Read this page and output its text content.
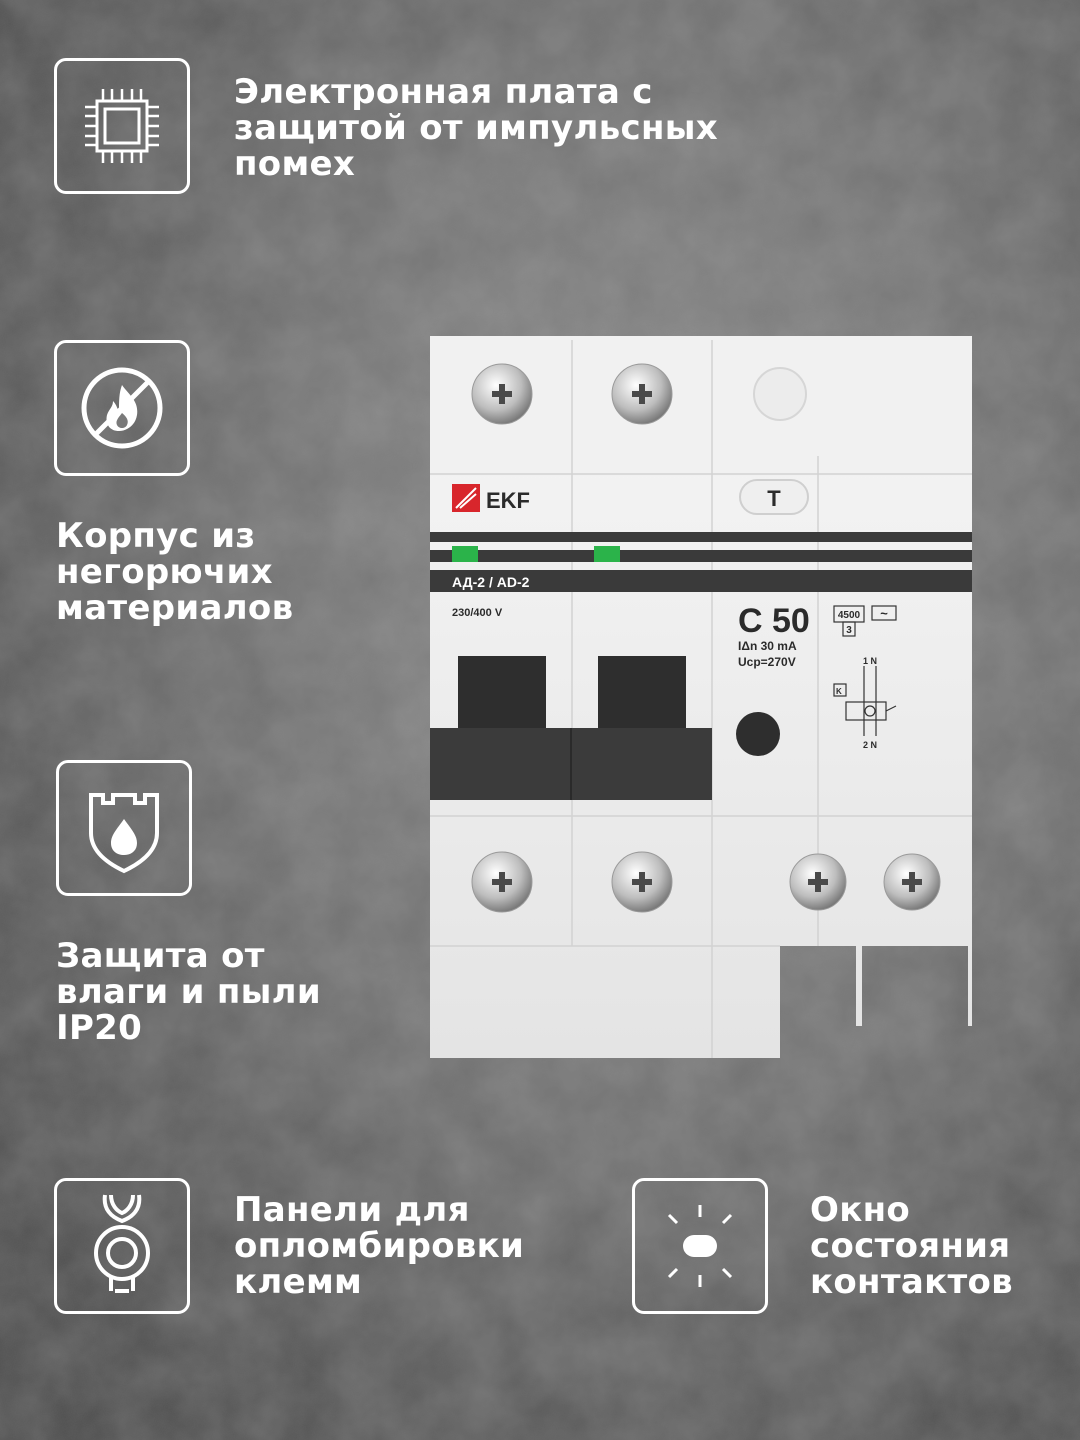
Электронная плата с
защитой от импульсных
помех
Корпус из
негорючих
материалов
Защита от
влаги и пыли
IP20
Панели для
опломбировки
клемм
Окно
состояния
контактов
T
EKF
АД-2 / AD-2
230/400 V	C 50
IΔn 30 mA
Ucp=270V
4500
3
~
1 N
2 N
K
